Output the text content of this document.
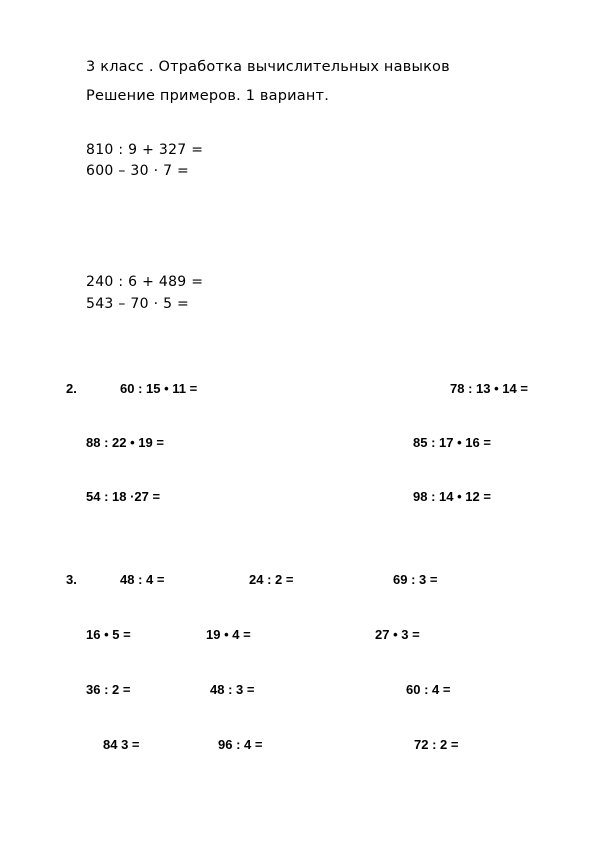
3 класс . Отработка вычислительных навыков
Решение примеров. 1 вариант.
810 : 9 + 327 =
600 – 30 · 7 =
240 : 6 + 489 =
543 – 70 · 5 =
2.	60 : 15 • 11 =	78 : 13 • 14 =
88 : 22 • 19 =	85 : 17 • 16 =
54 : 18 ·27 =	98 : 14 • 12 =
3.	48 : 4 =	24 : 2 =	69 : 3 =
16 • 5 =	19 • 4 =	27 • 3 =
36 : 2 =	48 : 3 =	60 : 4 =
84 3 =	96 : 4 =	72 : 2 =
